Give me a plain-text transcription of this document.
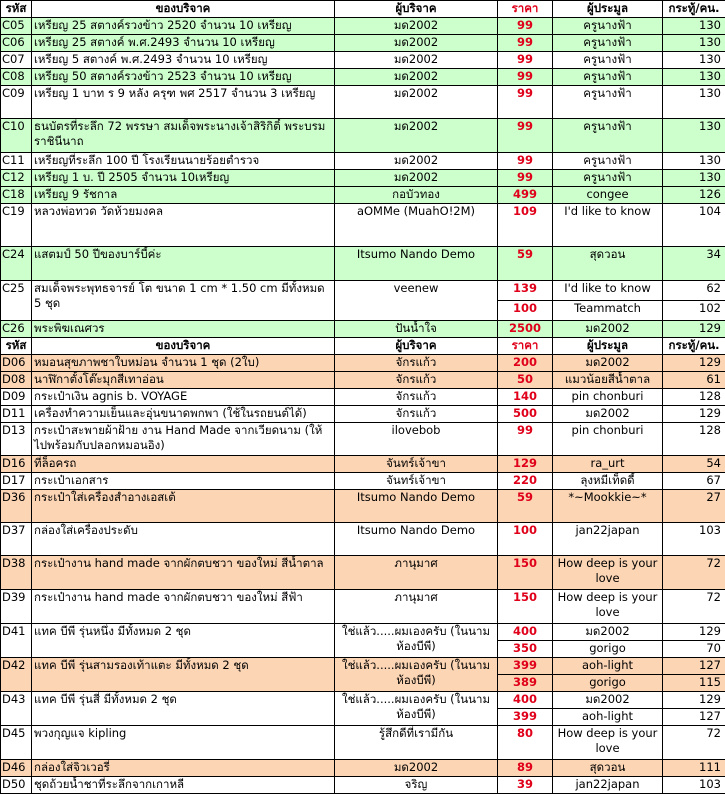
รหัส	ของบริจาค	ผู้บริจาค	ราคา	ผู้ประมูล	กระทู้/คน.
C05	เหรียญ 25 สตางค์รวงข้าว 2520 จำนวน 10 เหรียญ	มด2002	99	ครูนางฟ้า	130
C06	เหรียญ 25 สตางค์ พ.ศ.2493 จำนวน 10 เหรียญ	มด2002	99	ครูนางฟ้า	130
C07	เหรียญ 5 สตางค์ พ.ศ.2493 จำนวน 10 เหรียญ	มด2002	99	ครูนางฟ้า	130
C08	เหรียญ 50 สตางค์รวงข้าว 2523 จำนวน 10 เหรียญ	มด2002	99	ครูนางฟ้า	130
C09	เหรียญ 1 บาท ร 9 หลัง ครุฑ พศ 2517 จำนวน 3 เหรียญ	มด2002	99	ครูนางฟ้า	130
C10	ธนบัตรที่ระลึก 72 พรรษา สมเด็จพระนางเจ้าสิริกิติ์ พระบรมราชินีนาถ	มด2002	99	ครูนางฟ้า	130
C11	เหรียญที่ระลึก 100 ปี โรงเรียนนายร้อยตำรวจ	มด2002	99	ครูนางฟ้า	130
C12	เหรียญ 1 บ. ปี 2505 จำนวน 10เหรียญ	มด2002	99	ครูนางฟ้า	130
C18	เหรียญ 9 รัชกาล	กอบัวทอง	499	congee	126
C19	หลวงพ่อทวด วัดห้วยมงคล	aOMMe (MuahO!2M)	109	I'd like to know	104
C24	แสตมป์ 50 ปีของบาร์บี้ค่ะ	Itsumo Nando Demo	59	สุดวอน	34
C25	สมเด็จพระพุทธจารย์ โต ขนาด 1 cm * 1.50 cm มีทั้งหมด 5 ชุด	veenew	139	I'd like to know	62
			100	Teammatch	102
C26	พระพิฆเณศวร	ปันน้ำใจ	2500	มด2002	129
รหัส	ของบริจาค	ผู้บริจาค	ราคา	ผู้ประมูล	กระทู้/คน.
D06	หมอนสุขภาพชาใบหม่อน จำนวน 1 ชุด (2ใบ)	จักรแก้ว	200	มด2002	129
D08	นาฬิกาตั้งโต๊ะมุกสีเทาอ่อน	จักรแก้ว	50	แมวน้อยสีน้ำตาล	61
D09	กระเป๋าเงิน agnis b. VOYAGE	จักรแก้ว	140	pin chonburi	128
D11	เครื่องทำความเย็นและอุ่นขนาดพกพา (ใช้ในรถยนต์ได้)	จักรแก้ว	500	มด2002	129
D13	กระเป๋าสะพายผ้าฝ้าย งาน Hand Made จากเวียดนาม (ให้ไปพร้อมกับปลอกหมอนอิง)	ilovebob	99	pin chonburi	128
D16	ที่ล็อครถ	จันทร์เจ้าขา	129	ra_urt	54
D17	กระเป๋าเอกสาร	จันทร์เจ้าขา	220	ลุงหมีเท็ดดี้	67
D36	กระเป๋าใส่เครื่องสำอางเอสเต้	Itsumo Nando Demo	59	*~Mookkie~*	27
D37	กล่องใส่เครื่องประดับ	Itsumo Nando Demo	100	jan22japan	103
D38	กระเป๋างาน hand made จากผักตบชวา ของใหม่ สีน้ำตาล	ภานุมาศ	150	How deep is your love	72
D39	กระเป๋างาน hand made จากผักตบชวา ของใหม่ สีฟ้า	ภานุมาศ	150	How deep is your love	72
D41	แทค บีพี รุ่นหนึ่ง มีทั้งหมด 2 ชุด	ใช่แล้ว.....ผมเองครับ (ในนามห้องบีพี)	400	มด2002	129
			350	gorigo	70
D42	แทค บีพี รุ่นสามรองเท้าแตะ มีทั้งหมด 2 ชุด	ใช่แล้ว.....ผมเองครับ (ในนามห้องบีพี)	399	aoh-light	127
			389	gorigo	115
D43	แทค บีพี รุ่นสี่ มีทั้งหมด 2 ชุด	ใช่แล้ว.....ผมเองครับ (ในนามห้องบีพี)	400	มด2002	129
			399	aoh-light	127
D45	พวงกุญแจ kipling	รู้สึกดีที่เรามีกัน	80	How deep is your love	72
D46	กล่องใส่จิวเวอรี่	มด2002	89	สุดวอน	111
D50	ชุดถ้วยน้ำชาที่ระลึกจากเกาหลี	จริญ	39	jan22japan	103
